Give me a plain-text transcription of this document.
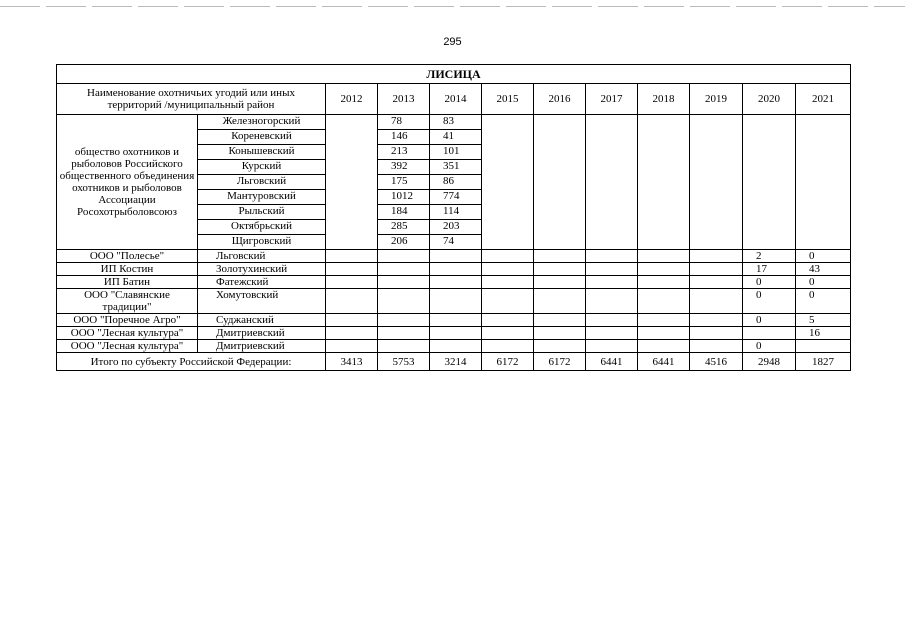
295
ЛИСИЦА											
Наименование охотничьих угодий или иных территорий /муниципальный район		2012	2013	2014	2015	2016	2017	2018	2019	2020	2021
общество охотников и рыболовов Российского общественного объединения охотников и рыболовов Ассоциации Росохотрыболовсоюз	Железногорский		78	83							
	Кореневский		146	41							
	Конышевский		213	101							
	Курский		392	351							
	Льговский		175	86							
	Мантуровский		1012	774							
	Рыльский		184	114							
	Октябрьский		285	203							
	Щигровский		206	74							
ООО "Полесье"	Льговский									2	0
ИП Костин	Золотухинский									17	43
ИП Батин	Фатежский									0	0
ООО "Славянские традиции"	Хомутовский									0	0
ООО "Поречное Агро"	Суджанский									0	5
ООО "Лесная культура"	Дмитриевский										16
ООО "Лесная культура"	Дмитриевский									0	
Итого по субъекту Российской Федерации:		3413	5753	3214	6172	6172	6441	6441	4516	2948	1827
